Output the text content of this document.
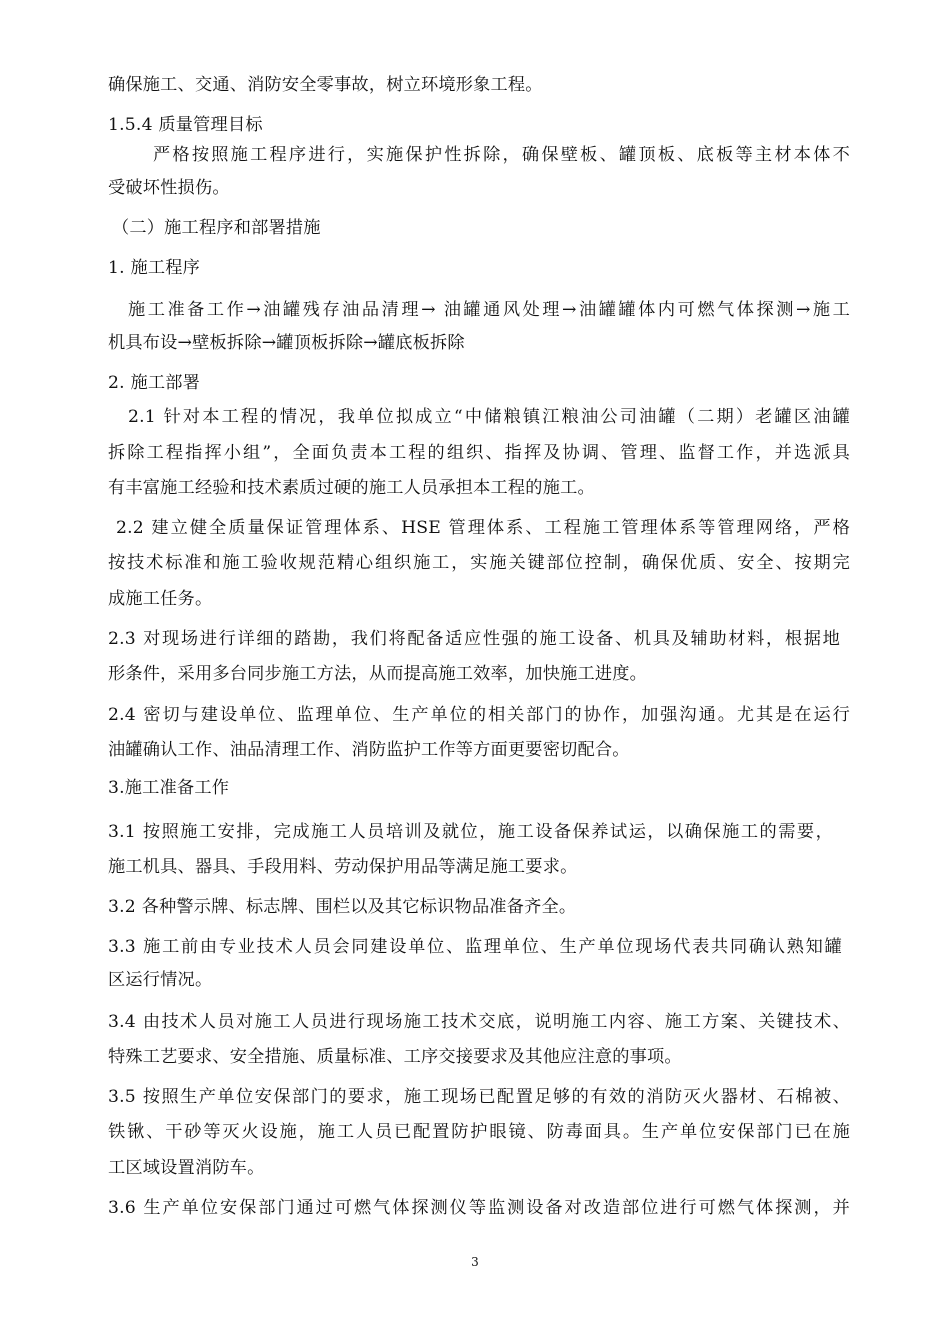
确保施工、交通、消防安全零事故，树立环境形象工程。
1.5.4 质量管理目标
严格按照施工程序进行，实施保护性拆除，确保壁板、罐顶板、底板等主材本体不
受破坏性损伤。
（二）施工程序和部署措施
1. 施工程序
施工准备工作→油罐残存油品清理→ 油罐通风处理→油罐罐体内可燃气体探测→施工
机具布设→壁板拆除→罐顶板拆除→罐底板拆除
2. 施工部署
2.1 针对本工程的情况，我单位拟成立“中储粮镇江粮油公司油罐（二期）老罐区油罐
拆除工程指挥小组”，全面负责本工程的组织、指挥及协调、管理、监督工作，并选派具
有丰富施工经验和技术素质过硬的施工人员承担本工程的施工。
2.2 建立健全质量保证管理体系、HSE 管理体系、工程施工管理体系等管理网络，严格
按技术标准和施工验收规范精心组织施工，实施关键部位控制，确保优质、安全、按期完
成施工任务。
2.3 对现场进行详细的踏勘，我们将配备适应性强的施工设备、机具及辅助材料，根据地
形条件，采用多台同步施工方法，从而提高施工效率，加快施工进度。
2.4 密切与建设单位、监理单位、生产单位的相关部门的协作，加强沟通。尤其是在运行
油罐确认工作、油品清理工作、消防监护工作等方面更要密切配合。
3.施工准备工作
3.1 按照施工安排，完成施工人员培训及就位，施工设备保养试运，以确保施工的需要，
施工机具、器具、手段用料、劳动保护用品等满足施工要求。
3.2 各种警示牌、标志牌、围栏以及其它标识物品准备齐全。
3.3 施工前由专业技术人员会同建设单位、监理单位、生产单位现场代表共同确认熟知罐
区运行情况。
3.4 由技术人员对施工人员进行现场施工技术交底，说明施工内容、施工方案、关键技术、
特殊工艺要求、安全措施、质量标准、工序交接要求及其他应注意的事项。
3.5 按照生产单位安保部门的要求，施工现场已配置足够的有效的消防灭火器材、石棉被、
铁锹、干砂等灭火设施，施工人员已配置防护眼镜、防毒面具。生产单位安保部门已在施
工区域设置消防车。
3.6 生产单位安保部门通过可燃气体探测仪等监测设备对改造部位进行可燃气体探测，并
3
